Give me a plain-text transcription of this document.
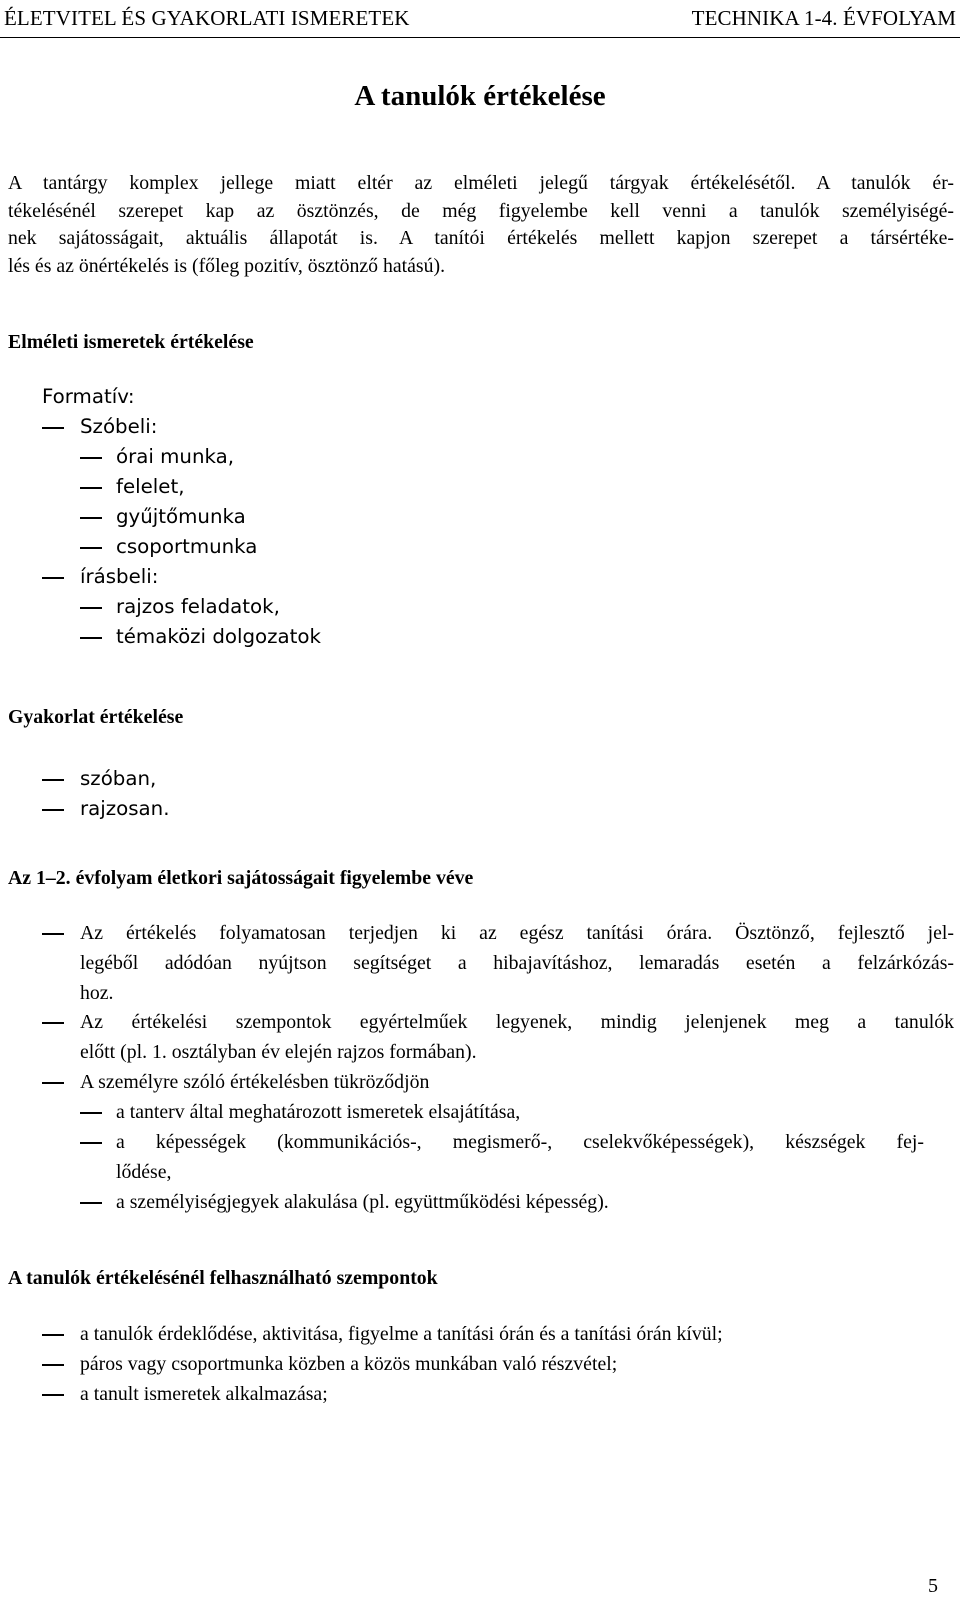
ÉLETVITEL ÉS GYAKORLATI ISMERETEK	TECHNIKA 1-4. ÉVFOLYAM
A tanulók értékelése

A tantárgy komplex jellege miatt eltér az elméleti jelegű tárgyak értékelésétől. A tanulók ér-
tékelésénél szerepet kap az ösztönzés, de még figyelembe kell venni a tanulók személyiségé-
nek sajátosságait, aktuális állapotát is. A tanítói értékelés mellett kapjon szerepet a társértéke-
lés és az önértékelés is (főleg pozitív, ösztönző hatású).

Elméleti ismeretek értékelése
Formatív:
Szóbeli:
órai munka,
felelet,
gyűjtőmunka
csoportmunka
írásbeli:
rajzos feladatok,
témaközi dolgozatok
Gyakorlat értékelése
szóban,
rajzosan.
Az 1–2. évfolyam életkori sajátosságait figyelembe véve
Az értékelés folyamatosan terjedjen ki az egész tanítási órára. Ösztönző, fejlesztő jel-
legéből adódóan nyújtson segítséget a hibajavításhoz, lemaradás esetén a felzárkózás-
hoz.
Az értékelési szempontok egyértelműek legyenek, mindig jelenjenek meg a tanulók
előtt (pl. 1. osztályban év elején rajzos formában).
A személyre szóló értékelésben tükröződjön
a tanterv által meghatározott ismeretek elsajátítása,
a képességek (kommunikációs-, megismerő-, cselekvőképességek), készségek fej-
lődése,
a személyiségjegyek alakulása (pl. együttműködési képesség).
A tanulók értékelésénél felhasználható szempontok
a tanulók érdeklődése, aktivitása, figyelme a tanítási órán és a tanítási órán kívül;
páros vagy csoportmunka közben a közös munkában való részvétel;
a tanult ismeretek alkalmazása;
5
